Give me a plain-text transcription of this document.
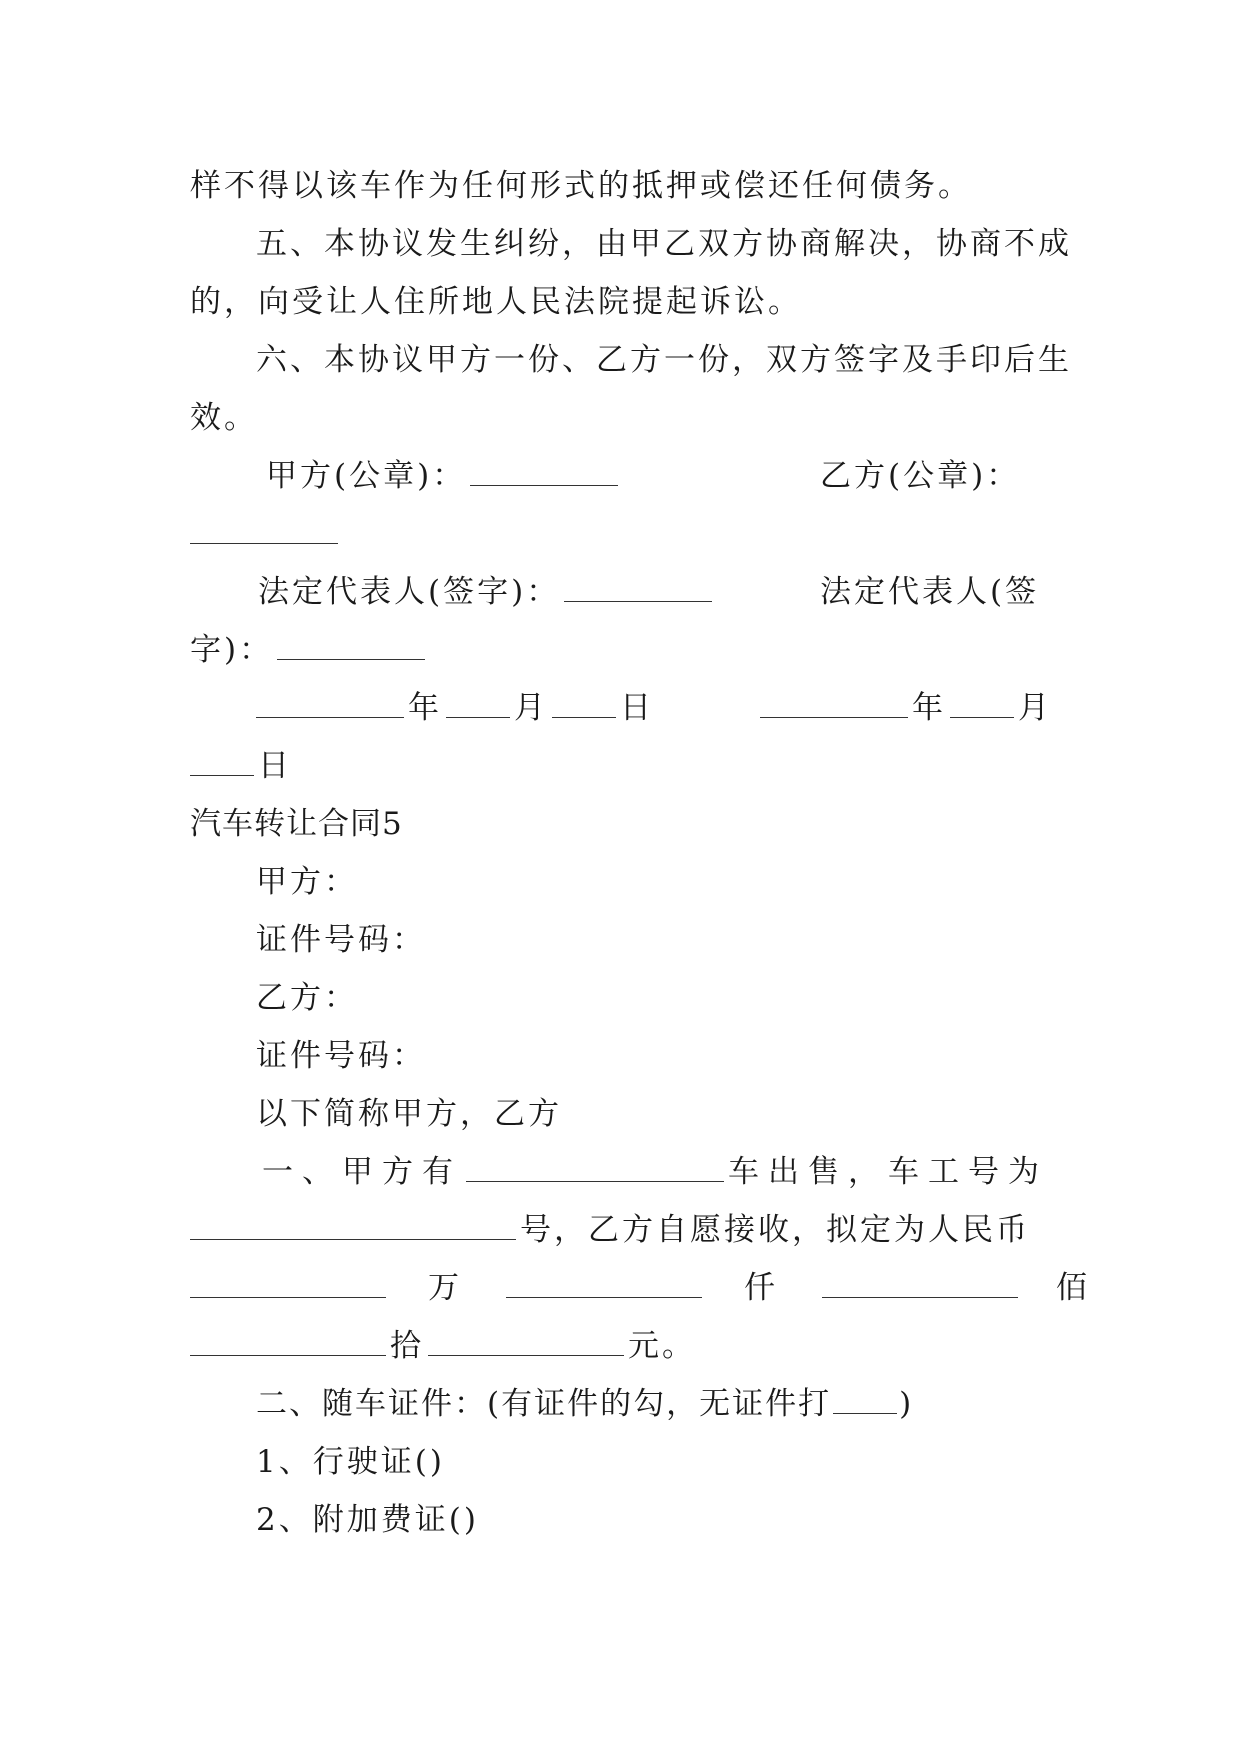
样不得以该车作为任何形式的抵押或偿还任何债务。
五、本协议发生纠纷，由甲乙双方协商解决，协商不成
的，向受让人住所地人民法院提起诉讼。
六、本协议甲方一份、乙方一份，双方签字及手印后生
效。
甲方(公章)：	乙方(公章)：
法定代表人(签字)：	法定代表人(签
字)：
年 月 日	年 月
日
汽车转让合同5
甲方：
证件号码：
乙方：
证件号码：
以下简称甲方，乙方
一、甲方有	车出售，车工号为
号，乙方自愿接收，拟定为人民币
万	仟	佰
拾	元。
二、随车证件：(有证件的勾，无证件打 )
1、行驶证()
2、附加费证()
